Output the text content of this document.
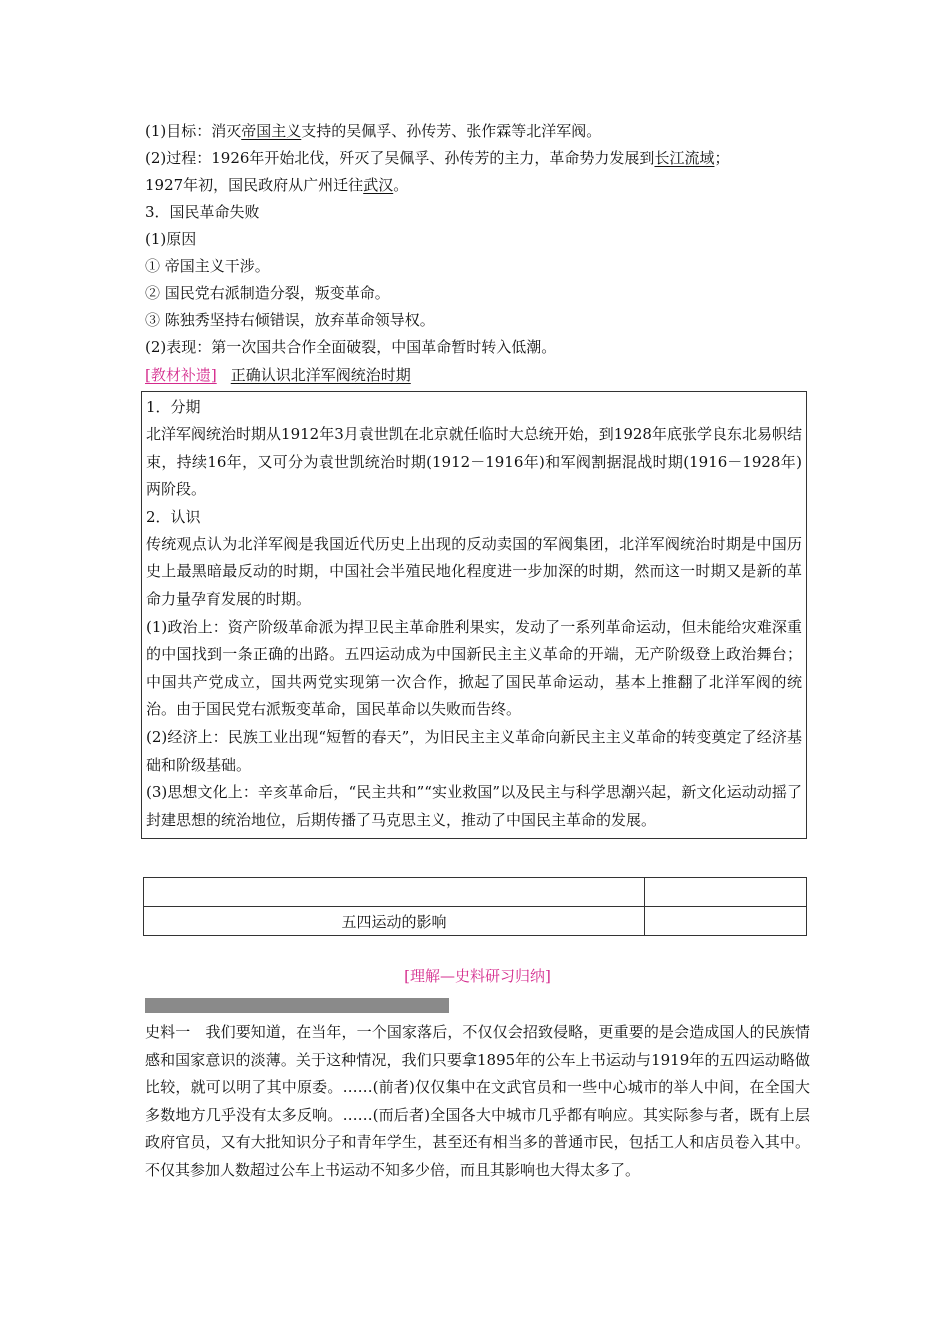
(1)目标：消灭帝国主义支持的吴佩孚、孙传芳、张作霖等北洋军阀。
(2)过程：1926年开始北伐，歼灭了吴佩孚、孙传芳的主力，革命势力发展到长江流域；
1927年初，国民政府从广州迁往武汉。
3．国民革命失败
(1)原因
① 帝国主义干涉。
② 国民党右派制造分裂，叛变革命。
③ 陈独秀坚持右倾错误，放弃革命领导权。
(2)表现：第一次国共合作全面破裂，中国革命暂时转入低潮。
[教材补遗] 正确认识北洋军阀统治时期
1．分期
北洋军阀统治时期从1912年3月袁世凯在北京就任临时大总统开始，到1928年底张学良东北易帜结束，持续16年，又可分为袁世凯统治时期(1912－1916年)和军阀割据混战时期(1916－1928年)两阶段。
2．认识
传统观点认为北洋军阀是我国近代历史上出现的反动卖国的军阀集团，北洋军阀统治时期是中国历史上最黑暗最反动的时期，中国社会半殖民地化程度进一步加深的时期，然而这一时期又是新的革命力量孕育发展的时期。
(1)政治上：资产阶级革命派为捍卫民主革命胜利果实，发动了一系列革命运动，但未能给灾难深重的中国找到一条正确的出路。五四运动成为中国新民主主义革命的开端，无产阶级登上政治舞台；中国共产党成立，国共两党实现第一次合作，掀起了国民革命运动，基本上推翻了北洋军阀的统治。由于国民党右派叛变革命，国民革命以失败而告终。
(2)经济上：民族工业出现“短暂的春天”，为旧民主主义革命向新民主主义革命的转变奠定了经济基础和阶级基础。
(3)思想文化上：辛亥革命后，“民主共和”“实业救国”以及民主与科学思潮兴起，新文化运动动摇了封建思想的统治地位，后期传播了马克思主义，推动了中国民主革命的发展。

五四运动的影响	
[理解—史料研习归纳]
史料一　我们要知道，在当年，一个国家落后，不仅仅会招致侵略，更重要的是会造成国人的民族情感和国家意识的淡薄。关于这种情况，我们只要拿1895年的公车上书运动与1919年的五四运动略做比较，就可以明了其中原委。……(前者)仅仅集中在文武官员和一些中心城市的举人中间，在全国大多数地方几乎没有太多反响。……(而后者)全国各大中城市几乎都有响应。其实际参与者，既有上层政府官员，又有大批知识分子和青年学生，甚至还有相当多的普通市民，包括工人和店员卷入其中。不仅其参加人数超过公车上书运动不知多少倍，而且其影响也大得太多了。
